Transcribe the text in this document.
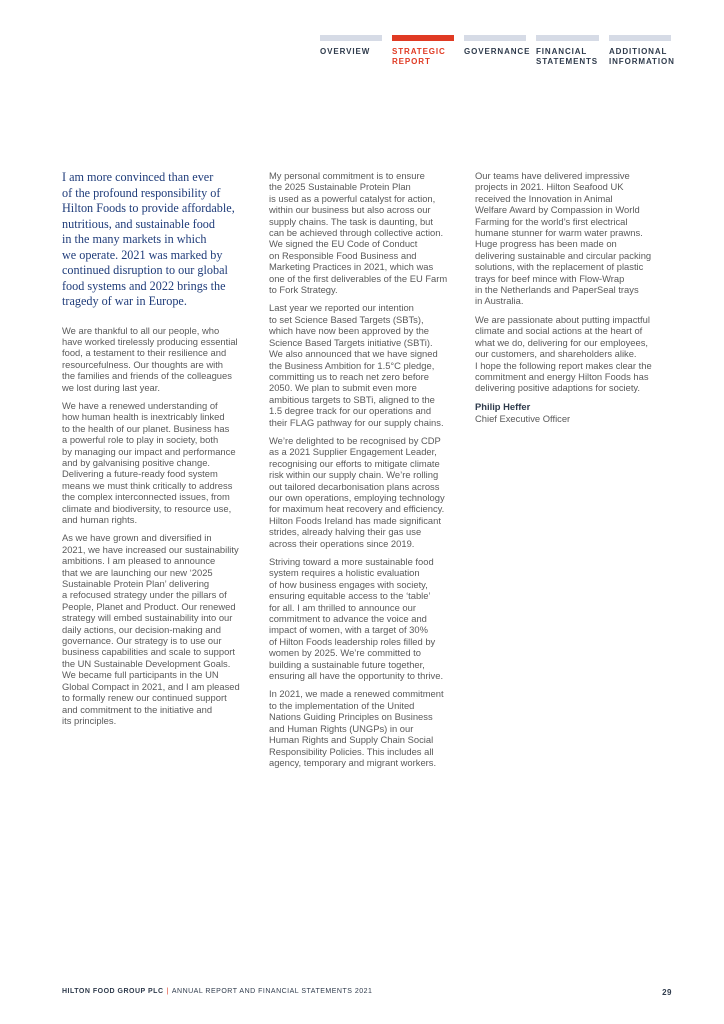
OVERVIEW	STRATEGIC
REPORT
GOVERNANCE FINANCIAL
STATEMENTS
ADDITIONAL
INFORMATION

I am more convinced than ever
of the profound responsibility of
Hilton Foods to provide affordable,
nutritious, and sustainable food
in the many markets in which
we operate. 2021 was marked by
continued disruption to our global
food systems and 2022 brings the
tragedy of war in Europe.

We are thankful to all our people, who
have worked tirelessly producing essential
food, a testament to their resilience and
resourcefulness. Our thoughts are with
the families and friends of the colleagues
we lost during last year.

We have a renewed understanding of
how human health is inextricably linked
to the health of our planet. Business has
a powerful role to play in society, both
by managing our impact and performance
and by galvanising positive change.
Delivering a future-ready food system
means we must think critically to address
the complex interconnected issues, from
climate and biodiversity, to resource use,
and human rights.

As we have grown and diversified in
2021, we have increased our sustainability
ambitions. I am pleased to announce
that we are launching our new ‘2025
Sustainable Protein Plan’ delivering
a refocused strategy under the pillars of
People, Planet and Product. Our renewed
strategy will embed sustainability into our
daily actions, our decision-making and
governance. Our strategy is to use our
business capabilities and scale to support
the UN Sustainable Development Goals.
We became full participants in the UN
Global Compact in 2021, and I am pleased
to formally renew our continued support
and commitment to the initiative and
its principles.

My personal commitment is to ensure
the 2025 Sustainable Protein Plan
is used as a powerful catalyst for action,
within our business but also across our
supply chains. The task is daunting, but
can be achieved through collective action.
We signed the EU Code of Conduct
on Responsible Food Business and
Marketing Practices in 2021, which was
one of the first deliverables of the EU Farm
to Fork Strategy.

Last year we reported our intention
to set Science Based Targets (SBTs),
which have now been approved by the
Science Based Targets initiative (SBTi).
We also announced that we have signed
the Business Ambition for 1.5°C pledge,
committing us to reach net zero before
2050. We plan to submit even more
ambitious targets to SBTi, aligned to the
1.5 degree track for our operations and
their FLAG pathway for our supply chains.

We’re delighted to be recognised by CDP
as a 2021 Supplier Engagement Leader,
recognising our efforts to mitigate climate
risk within our supply chain. We’re rolling
out tailored decarbonisation plans across
our own operations, employing technology
for maximum heat recovery and efficiency.
Hilton Foods Ireland has made significant
strides, already halving their gas use
across their operations since 2019.

Striving toward a more sustainable food
system requires a holistic evaluation
of how business engages with society,
ensuring equitable access to the ‘table’
for all. I am thrilled to announce our
commitment to advance the voice and
impact of women, with a target of 30%
of Hilton Foods leadership roles filled by
women by 2025. We’re committed to
building a sustainable future together,
ensuring all have the opportunity to thrive.

In 2021, we made a renewed commitment
to the implementation of the United
Nations Guiding Principles on Business
and Human Rights (UNGPs) in our
Human Rights and Supply Chain Social
Responsibility Policies. This includes all
agency, temporary and migrant workers.

Our teams have delivered impressive
projects in 2021. Hilton Seafood UK
received the Innovation in Animal
Welfare Award by Compassion in World
Farming for the world’s first electrical
humane stunner for warm water prawns.
Huge progress has been made on
delivering sustainable and circular packing
solutions, with the replacement of plastic
trays for beef mince with Flow-Wrap
in the Netherlands and PaperSeal trays
in Australia.

We are passionate about putting impactful
climate and social actions at the heart of
what we do, delivering for our employees,
our customers, and shareholders alike.
I hope the following report makes clear the
commitment and energy Hilton Foods has
delivering positive adaptions for society.

Philip Heffer

Chief Executive Officer

HILTON FOOD GROUP PLC | ANNUAL REPORT AND FINANCIAL STATEMENTS 2021	29
